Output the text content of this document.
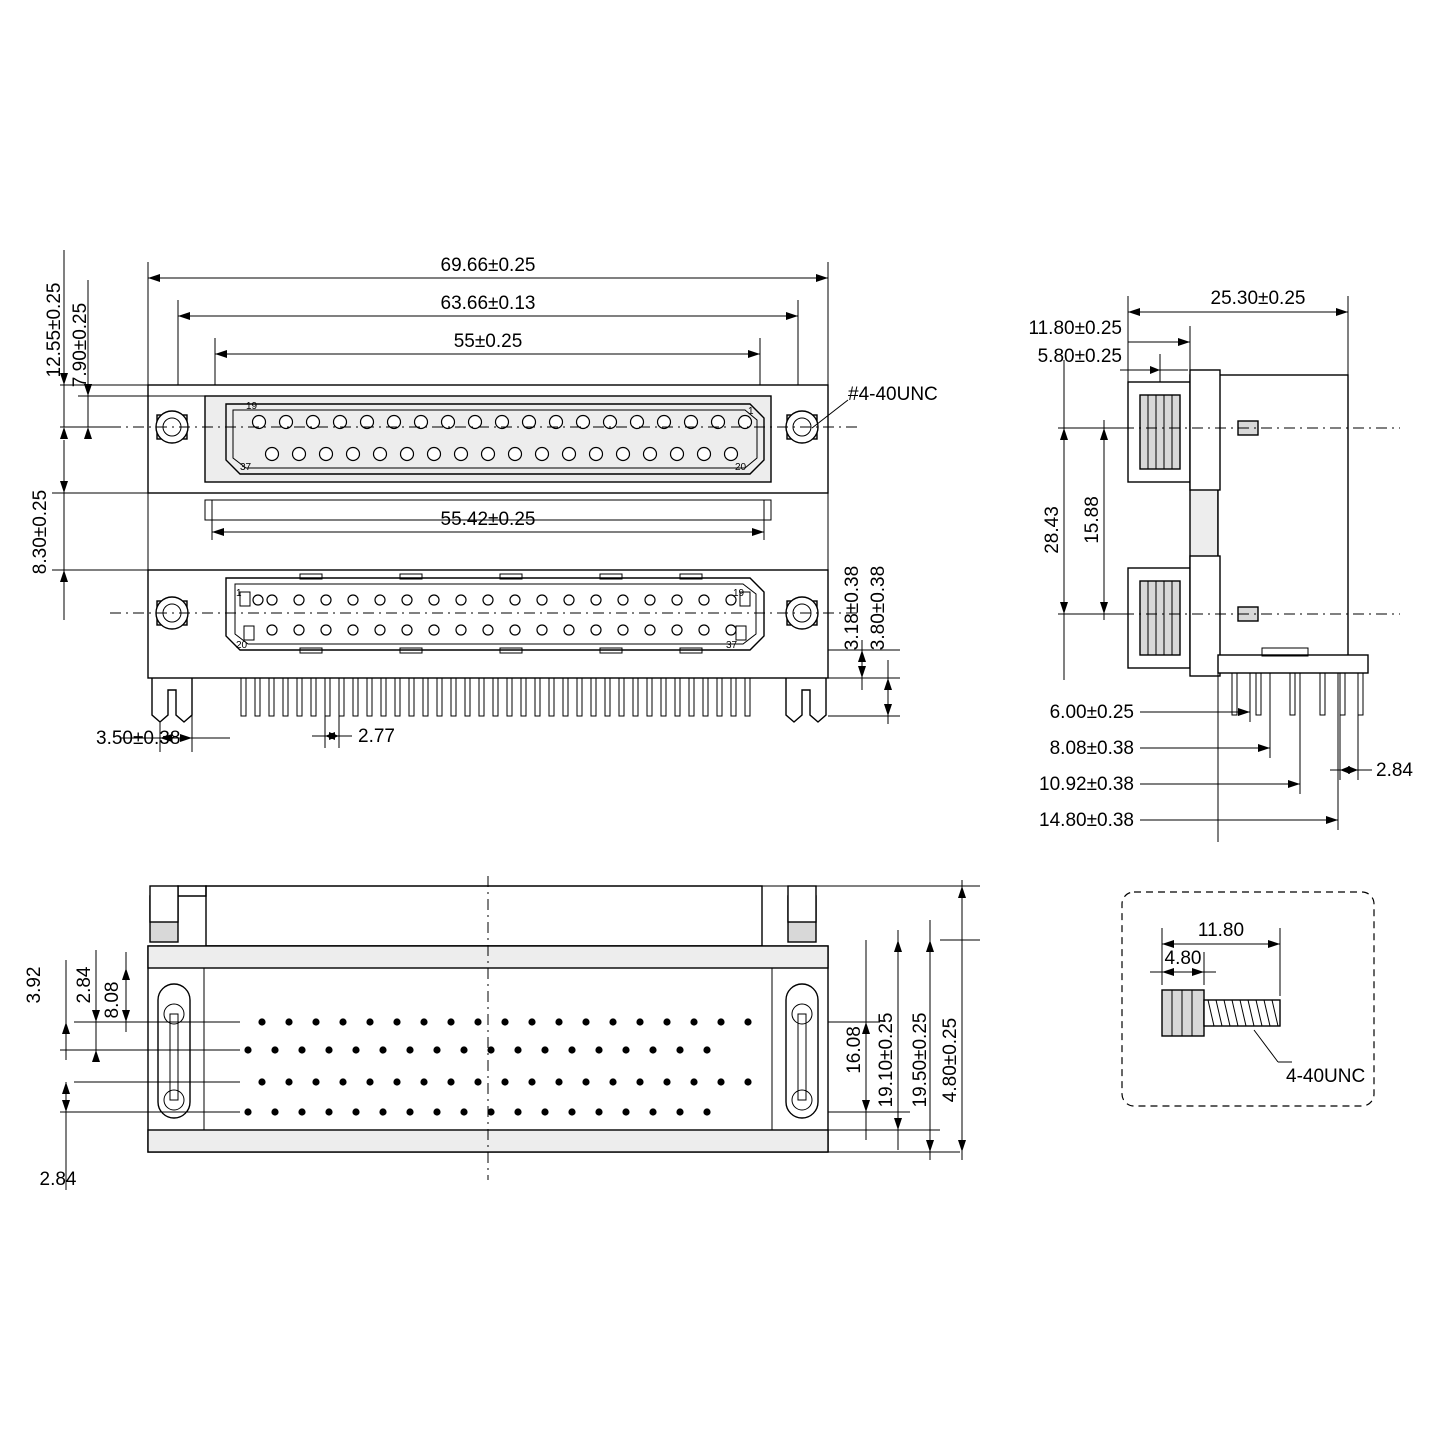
19	1
37	20
#4-40UNC
1	19
20	37
69.66±0.25
63.66±0.13
55±0.25
55.42±0.25
12.55±0.25 7.90±0.25
8.30±0.25
3.18±0.38 3.80±0.38
3.50±0.38	2.77
25.30±0.25
11.80±0.25
5.80±0.25
28.43 15.88
6.00±0.25
8.08±0.38
10.92±0.38
14.80±0.38
2.84
8.08
2.84
3.92
2.84
16.08 19.10±0.25 19.50±0.25 4.80±0.25	4-40UNC
11.80
4.80
